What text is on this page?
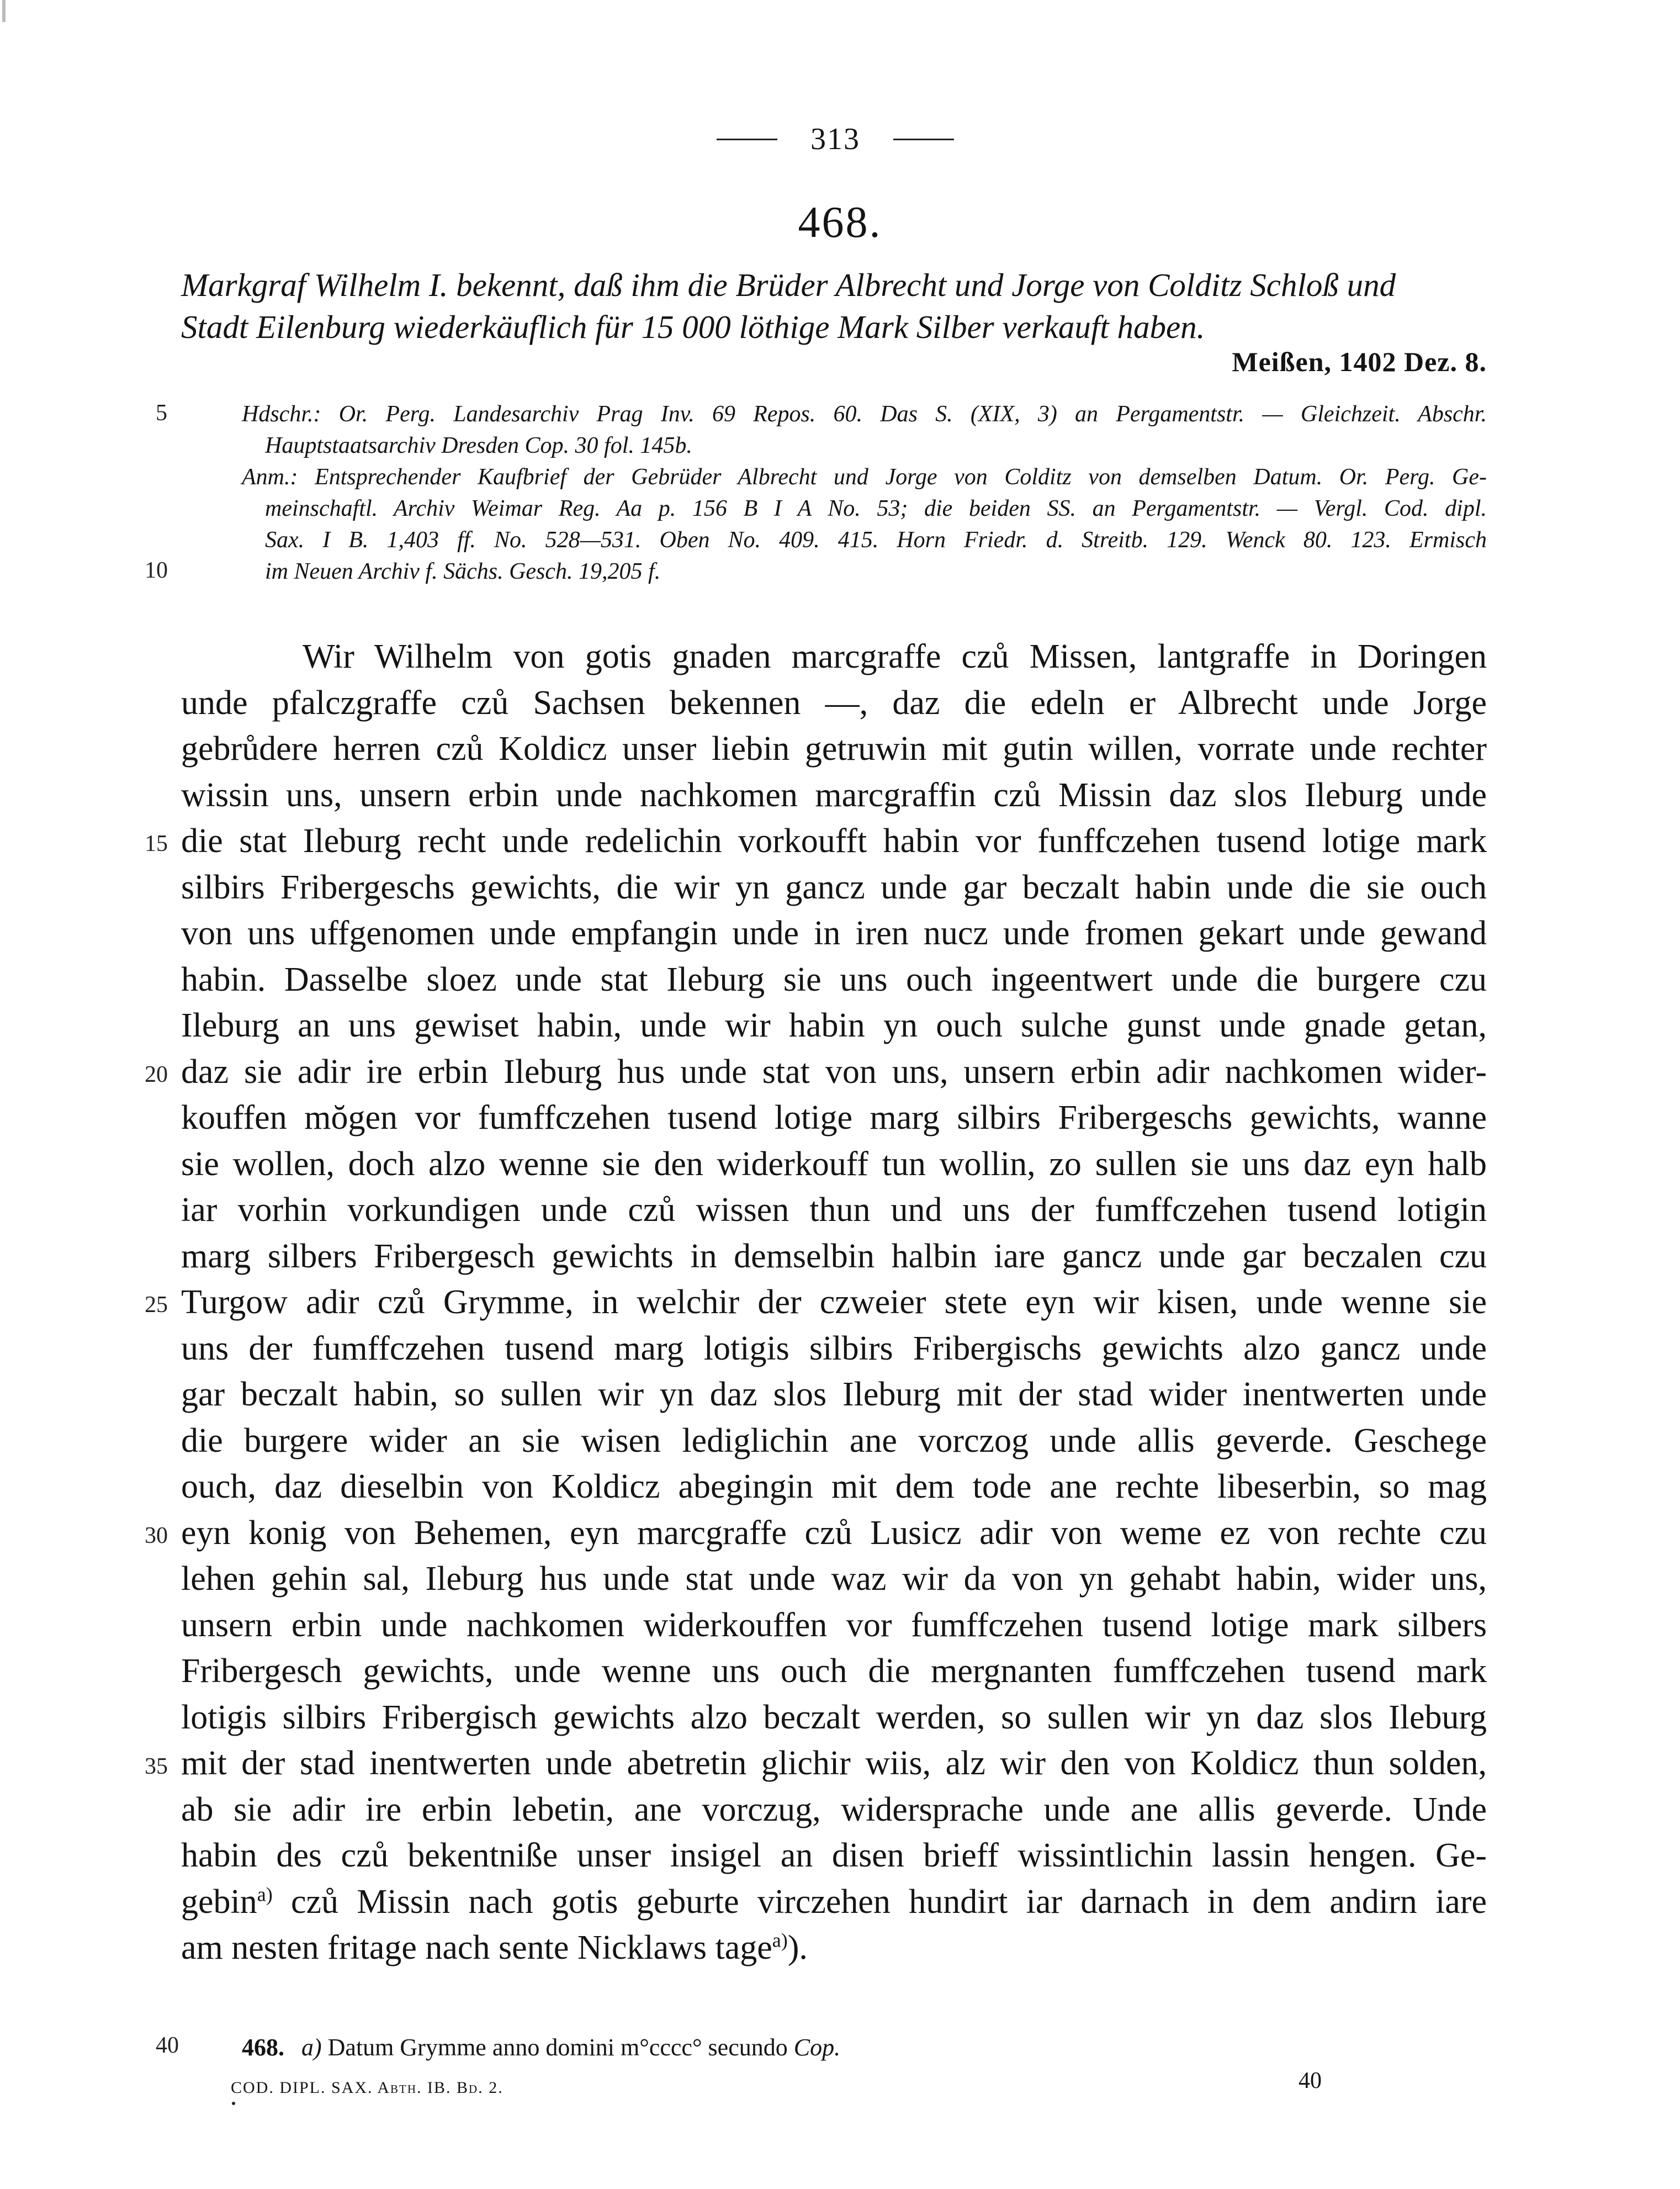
313
468.
Markgraf Wilhelm I. bekennt, daß ihm die Brüder Albrecht und Jorge von Colditz Schloß und
Stadt Eilenburg wiederkäuflich für 15 000 löthige Mark Silber verkauft haben.
Meißen, 1402 Dez. 8.
5
10
15
20
25
30
35
40
Hdschr.: Or. Perg. Landesarchiv Prag Inv. 69 Repos. 60. Das S. (XIX, 3) an Pergamentstr. — Gleichzeit. Abschr.
Hauptstaatsarchiv Dresden Cop. 30 fol. 145b.
Anm.: Entsprechender Kaufbrief der Gebrüder Albrecht und Jorge von Colditz von demselben Datum. Or. Perg. Ge-
meinschaftl. Archiv Weimar Reg. Aa p. 156 B I A No. 53; die beiden SS. an Pergamentstr. — Vergl. Cod. dipl.
Sax. I B. 1,403 ff. No. 528—531. Oben No. 409. 415. Horn Friedr. d. Streitb. 129. Wenck 80. 123. Ermisch
im Neuen Archiv f. Sächs. Gesch. 19,205 f.
Wir Wilhelm von gotis gnaden marcgraffe czů Missen, lantgraffe in Doringen
unde pfalczgraffe czů Sachsen bekennen —, daz die edeln er Albrecht unde Jorge
gebrůdere herren czů Koldicz unser liebin getruwin mit gutin willen, vorrate unde rechter
wissin uns, unsern erbin unde nachkomen marcgraffin czů Missin daz slos Ileburg unde
die stat Ileburg recht unde redelichin vorkoufft habin vor funffczehen tusend lotige mark
silbirs Fribergeschs gewichts, die wir yn gancz unde gar beczalt habin unde die sie ouch
von uns uffgenomen unde empfangin unde in iren nucz unde fromen gekart unde gewand
habin. Dasselbe sloez unde stat Ileburg sie uns ouch ingeentwert unde die burgere czu
Ileburg an uns gewiset habin, unde wir habin yn ouch sulche gunst unde gnade getan,
daz sie adir ire erbin Ileburg hus unde stat von uns, unsern erbin adir nachkomen wider-
kouffen mŏgen vor fumffczehen tusend lotige marg silbirs Fribergeschs gewichts, wanne
sie wollen, doch alzo wenne sie den widerkouff tun wollin, zo sullen sie uns daz eyn halb
iar vorhin vorkundigen unde czů wissen thun und uns der fumffczehen tusend lotigin
marg silbers Fribergesch gewichts in demselbin halbin iare gancz unde gar beczalen czu
Turgow adir czů Grymme, in welchir der czweier stete eyn wir kisen, unde wenne sie
uns der fumffczehen tusend marg lotigis silbirs Fribergischs gewichts alzo gancz unde
gar beczalt habin, so sullen wir yn daz slos Ileburg mit der stad wider inentwerten unde
die burgere wider an sie wisen lediglichin ane vorczog unde allis geverde. Geschege
ouch, daz dieselbin von Koldicz abegingin mit dem tode ane rechte libeserbin, so mag
eyn konig von Behemen, eyn marcgraffe czů Lusicz adir von weme ez von rechte czu
lehen gehin sal, Ileburg hus unde stat unde waz wir da von yn gehabt habin, wider uns,
unsern erbin unde nachkomen widerkouffen vor fumffczehen tusend lotige mark silbers
Fribergesch gewichts, unde wenne uns ouch die mergnanten fumffczehen tusend mark
lotigis silbirs Fribergisch gewichts alzo beczalt werden, so sullen wir yn daz slos Ileburg
mit der stad inentwerten unde abetretin glichir wiis, alz wir den von Koldicz thun solden,
ab sie adir ire erbin lebetin, ane vorczug, widersprache unde ane allis geverde. Unde
habin des czů bekentniße unser insigel an disen brieff wissintlichin lassin hengen. Ge-
gebin$^{a)}$ czů Missin nach gotis geburte virczehen hundirt iar darnach in dem andirn iare
am nesten fritage nach sente Nicklaws tage$^{a)}$).
468. a) Datum Grymme anno domini m°cccc° secundo Cop.
COD. DIPL. SAX. Abth. IB. Bd. 2.	40
